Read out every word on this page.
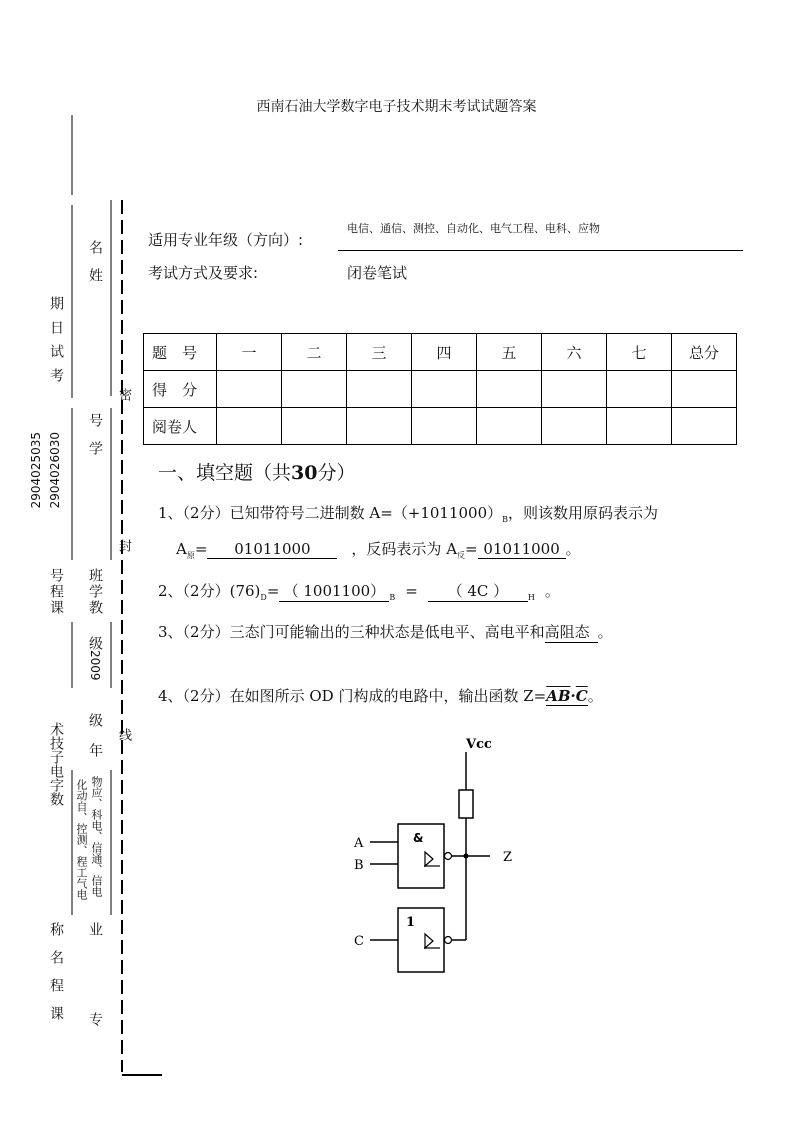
西南石油大学数字电子技术期末考试试题答案
名姓
期日试考
号学
2904025035 2904026030
密
封
线
号程课 班学教
级
2009
级
年
术技子电字数
物应、科电、信通、信电
化动自、控测、程工气电
业
专
称名程课
适用专业年级（方向）:
电信、通信、测控、自动化、电气工程、电科、应物
考试方式及要求:	闭卷笔试
题　号	一	二	三	四	五	六	七	总分
得　分								
阅卷人								
一、填空题（共30分）
1、（2分）已知带符号二进制数 $A=(+1011000)_B$，则该数用原码表示为
$A_原= 01011000$	，反码表示为 $A_反= 01011000$ 。
2、（2分）$(76)_D=$ （ 1001100） $_B$ = （ 4C ） $_H$ 。
3、（2分）三态门可能输出的三种状态是低电平、高电平和高阻态 。
4、（2分）在如图所示 OD 门构成的电路中，输出函数 $Z=\overline{AB}\cdot\overline{C}$。
Vcc
Z
&
A
B
1
C
